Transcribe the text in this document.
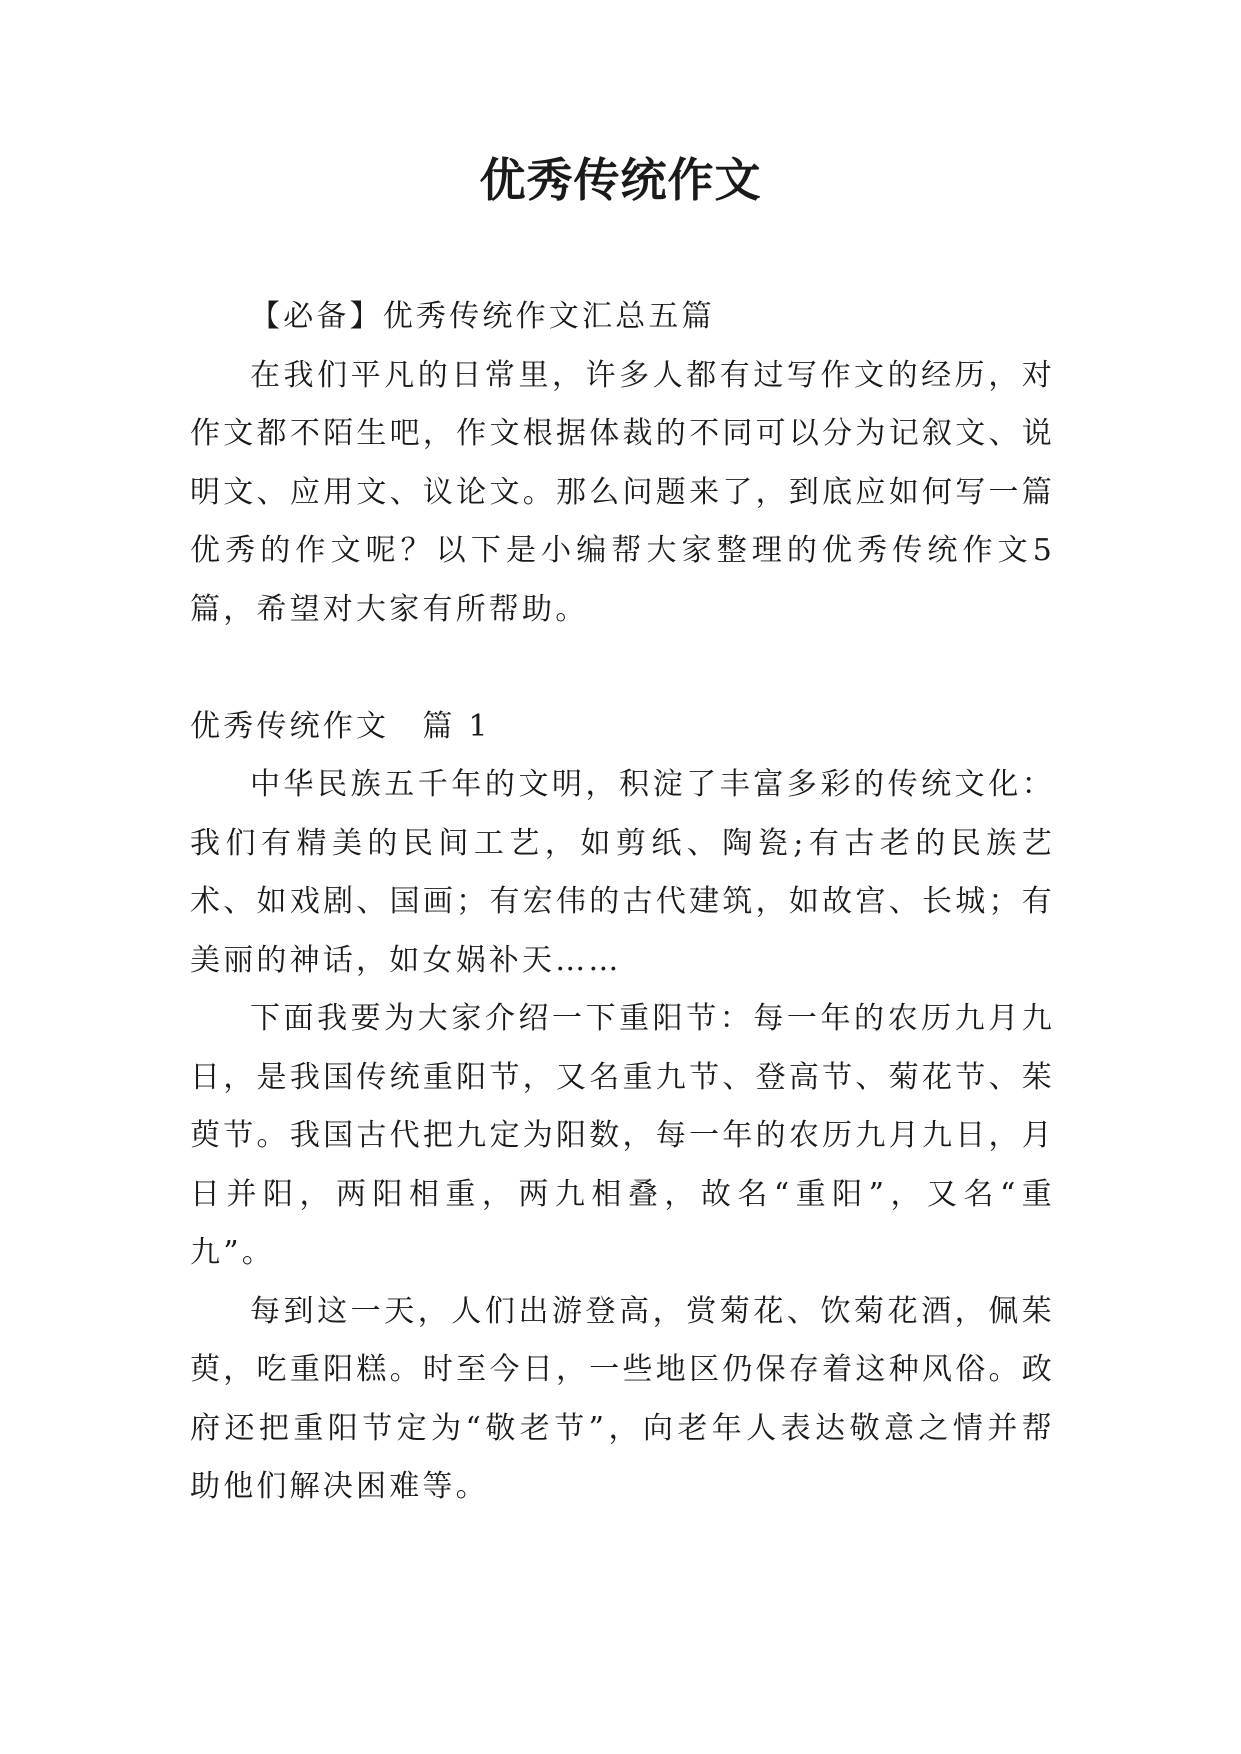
优秀传统作文

【必备】优秀传统作文汇总五篇

在我们平凡的日常里，许多人都有过写作文的经历，对作文都不陌生吧，作文根据体裁的不同可以分为记叙文、说明文、应用文、议论文。那么问题来了，到底应如何写一篇优秀的作文呢？以下是小编帮大家整理的优秀传统作文5篇，希望对大家有所帮助。

优秀传统作文　篇 1

中华民族五千年的文明，积淀了丰富多彩的传统文化：我们有精美的民间工艺，如剪纸、陶瓷;有古老的民族艺术、如戏剧、国画；有宏伟的古代建筑，如故宫、长城；有美丽的神话，如女娲补天……

下面我要为大家介绍一下重阳节：每一年的农历九月九日，是我国传统重阳节，又名重九节、登高节、菊花节、茱萸节。我国古代把九定为阳数，每一年的农历九月九日，月日并阳，两阳相重，两九相叠，故名“重阳”，又名“重九”。

每到这一天，人们出游登高，赏菊花、饮菊花酒，佩茱萸，吃重阳糕。时至今日，一些地区仍保存着这种风俗。政府还把重阳节定为“敬老节”，向老年人表达敬意之情并帮助他们解决困难等。
